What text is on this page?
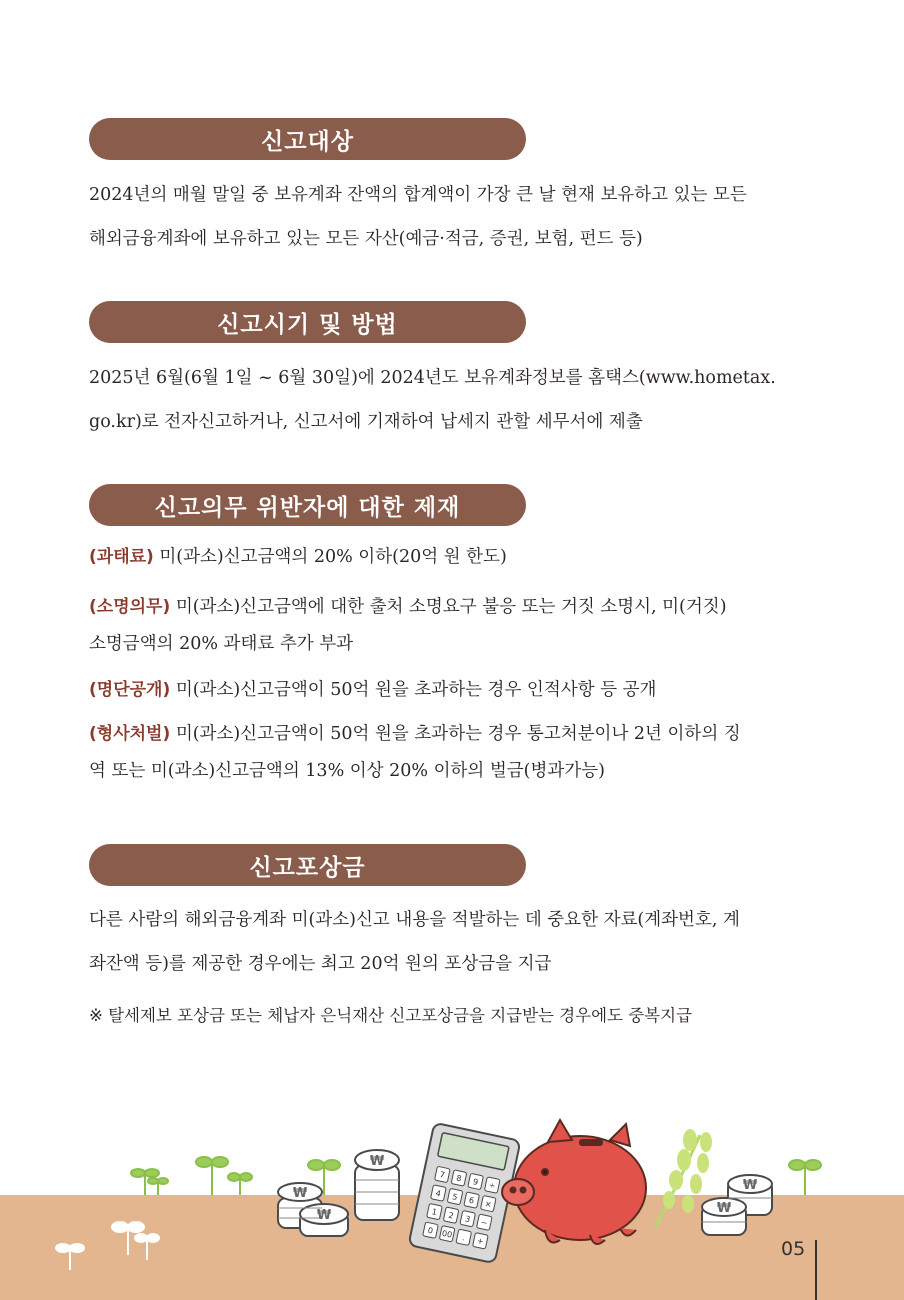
신고대상

2024년의 매월 말일 중 보유계좌 잔액의 합계액이 가장 큰 날 현재 보유하고 있는 모든

해외금융계좌에 보유하고 있는 모든 자산(예금·적금, 증권, 보험, 펀드 등)

신고시기 및 방법

2025년 6월(6월 1일 ~ 6월 30일)에 2024년도 보유계좌정보를 홈택스(www.hometax.

go.kr)로 전자신고하거나, 신고서에 기재하여 납세지 관할 세무서에 제출

신고의무 위반자에 대한 제재

(과태료) 미(과소)신고금액의 20% 이하(20억 원 한도)

(소명의무) 미(과소)신고금액에 대한 출처 소명요구 불응 또는 거짓 소명시, 미(거짓)
소명금액의 20% 과태료 추가 부과

(명단공개) 미(과소)신고금액이 50억 원을 초과하는 경우 인적사항 등 공개

(형사처벌) 미(과소)신고금액이 50억 원을 초과하는 경우 통고처분이나 2년 이하의 징
역 또는 미(과소)신고금액의 13% 이상 20% 이하의 벌금(병과가능)

신고포상금

다른 사람의 해외금융계좌 미(과소)신고 내용을 적발하는 데 중요한 자료(계좌번호, 계

좌잔액 등)를 제공한 경우에는 최고 20억 원의 포상금을 지급

※ 탈세제보 포상금 또는 체납자 은닉재산 신고포상금을 지급받는 경우에도 중복지급
₩
₩
₩
₩
₩
7 8 9 ÷
4 5 6 ×
1 2 3 −
0 00 . +	05
